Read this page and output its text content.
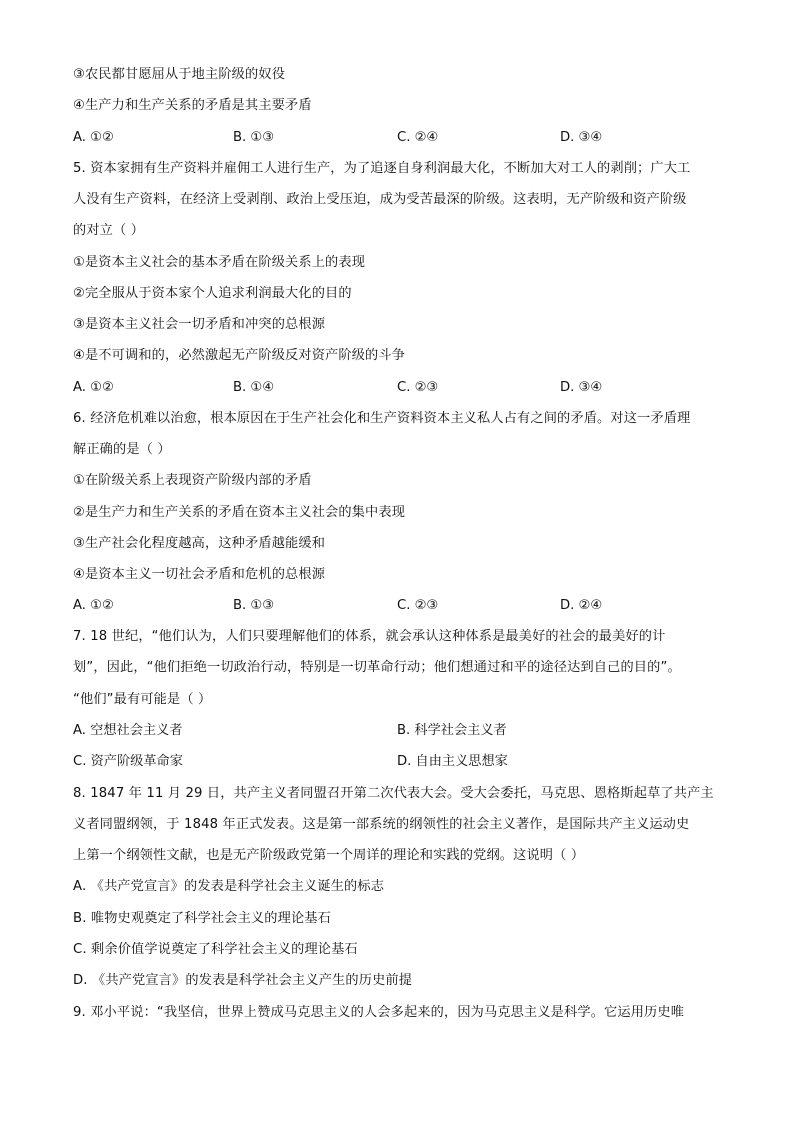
③农民都甘愿屈从于地主阶级的奴役
④生产力和生产关系的矛盾是其主要矛盾
A. ①②	B. ①③	C. ②④	D. ③④
5. 资本家拥有生产资料并雇佣工人进行生产，为了追逐自身利润最大化，不断加大对工人的剥削；广大工
人没有生产资料，在经济上受剥削、政治上受压迫，成为受苦最深的阶级。这表明，无产阶级和资产阶级
的对立（ ）
①是资本主义社会的基本矛盾在阶级关系上的表现
②完全服从于资本家个人追求利润最大化的目的
③是资本主义社会一切矛盾和冲突的总根源
④是不可调和的，必然激起无产阶级反对资产阶级的斗争
A. ①②	B. ①④	C. ②③	D. ③④
6. 经济危机难以治愈，根本原因在于生产社会化和生产资料资本主义私人占有之间的矛盾。对这一矛盾理
解正确的是（ ）
①在阶级关系上表现资产阶级内部的矛盾
②是生产力和生产关系的矛盾在资本主义社会的集中表现
③生产社会化程度越高，这种矛盾越能缓和
④是资本主义一切社会矛盾和危机的总根源
A. ①②	B. ①③	C. ②③	D. ②④
7. 18 世纪，“他们认为，人们只要理解他们的体系，就会承认这种体系是最美好的社会的最美好的计
划”，因此，“他们拒绝一切政治行动，特别是一切革命行动；他们想通过和平的途径达到自己的目的”。
“他们”最有可能是（ ）
A. 空想社会主义者	B. 科学社会主义者
C. 资产阶级革命家	D. 自由主义思想家
8. 1847 年 11 月 29 日，共产主义者同盟召开第二次代表大会。受大会委托，马克思、恩格斯起草了共产主
义者同盟纲领，于 1848 年正式发表。这是第一部系统的纲领性的社会主义著作，是国际共产主义运动史
上第一个纲领性文献，也是无产阶级政党第一个周详的理论和实践的党纲。这说明（ ）
A. 《共产党宣言》的发表是科学社会主义诞生的标志
B. 唯物史观奠定了科学社会主义的理论基石
C. 剩余价值学说奠定了科学社会主义的理论基石
D. 《共产党宣言》的发表是科学社会主义产生的历史前提
9. 邓小平说：“我坚信，世界上赞成马克思主义的人会多起来的，因为马克思主义是科学。它运用历史唯
